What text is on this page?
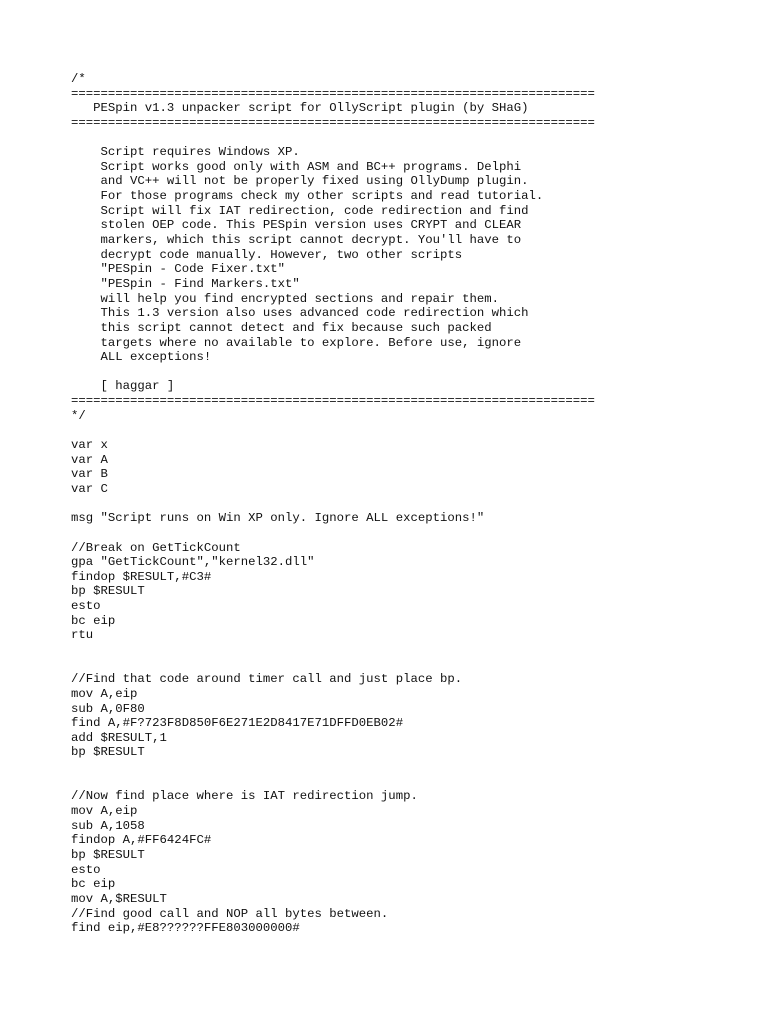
/*
=======================================================================
PESpin v1.3 unpacker script for OllyScript plugin (by SHaG)
=======================================================================

Script requires Windows XP.
Script works good only with ASM and BC++ programs. Delphi
and VC++ will not be properly fixed using OllyDump plugin.
For those programs check my other scripts and read tutorial.
Script will fix IAT redirection, code redirection and find
stolen OEP code. This PESpin version uses CRYPT and CLEAR
markers, which this script cannot decrypt. You'll have to
decrypt code manually. However, two other scripts
"PESpin - Code Fixer.txt"
"PESpin - Find Markers.txt"
will help you find encrypted sections and repair them.
This 1.3 version also uses advanced code redirection which
this script cannot detect and fix because such packed
targets where no available to explore. Before use, ignore
ALL exceptions!

[ haggar ]
=======================================================================
*/

var x
var A
var B
var C

msg "Script runs on Win XP only. Ignore ALL exceptions!"

//Break on GetTickCount
gpa "GetTickCount","kernel32.dll"
findop $RESULT,#C3#
bp $RESULT
esto
bc eip
rtu

//Find that code around timer call and just place bp.
mov A,eip
sub A,0F80
find A,#F?723F8D850F6E271E2D8417E71DFFD0EB02#
add $RESULT,1
bp $RESULT

//Now find place where is IAT redirection jump.
mov A,eip
sub A,1058
findop A,#FF6424FC#
bp $RESULT
esto
bc eip
mov A,$RESULT
//Find good call and NOP all bytes between.
find eip,#E8??????FFE803000000#
